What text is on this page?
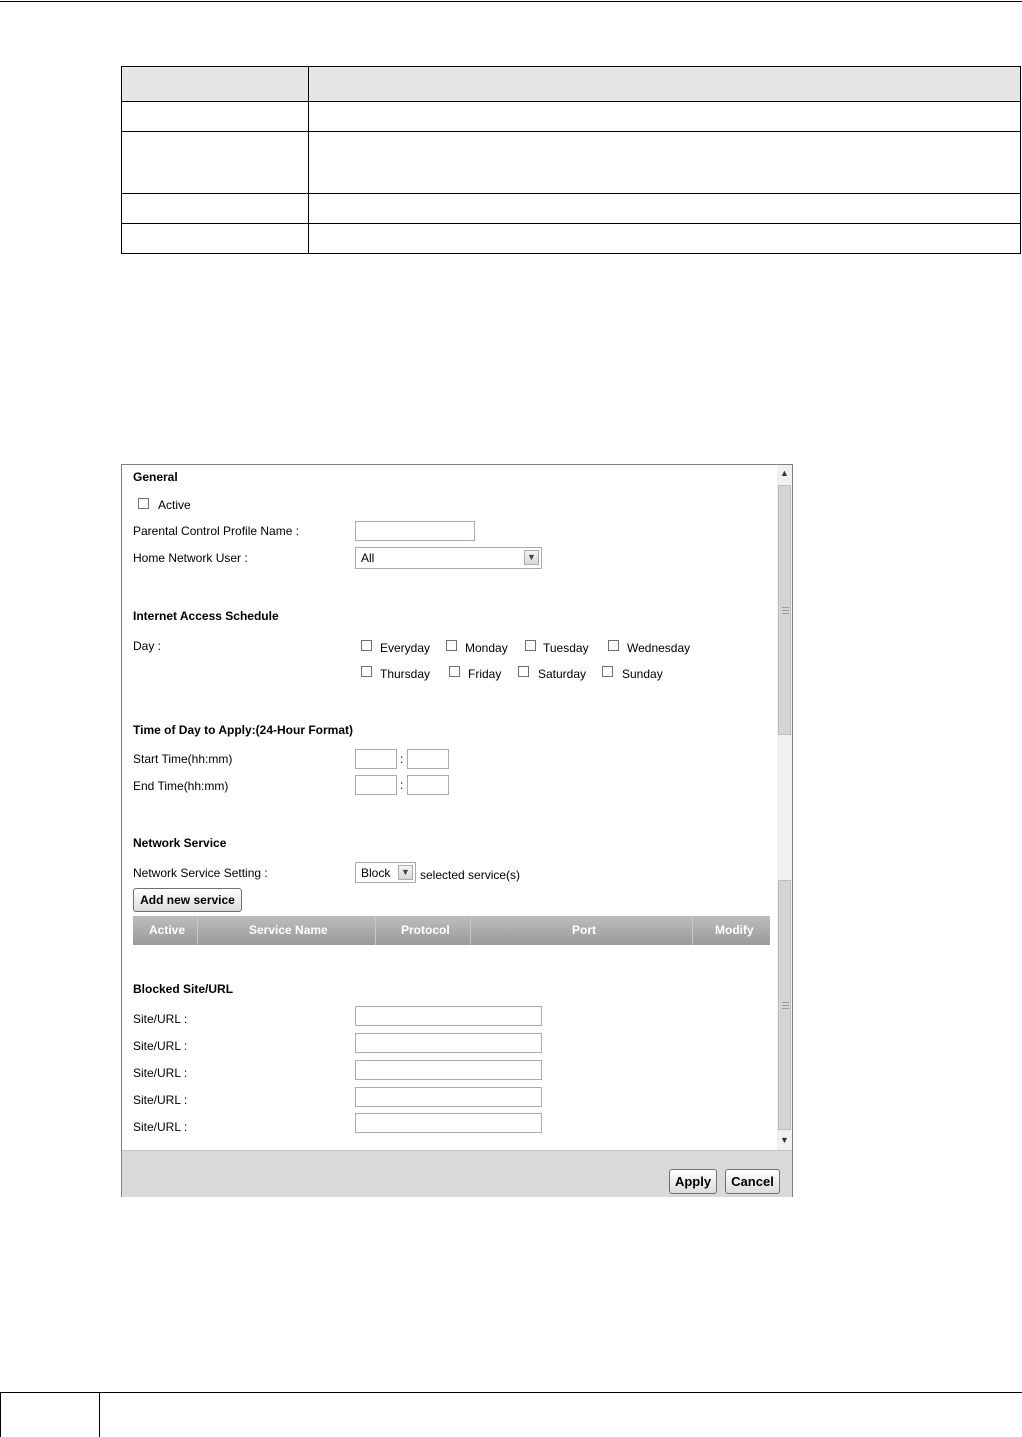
General
Active
Parental Control Profile Name :
Home Network User :	All	▼
Internet Access Schedule
Day :	Everyday	Monday	Tuesday	Wednesday
Thursday	Friday	Saturday	Sunday
Time of Day to Apply:(24-Hour Format)
Start Time(hh:mm)	:
End Time(hh:mm)	:
Network Service
Network Service Setting :	Block	▼ selected service(s)
Add new service
Active	Service Name	Protocol	Port	Modify
Blocked Site/URL
Site/URL :
Site/URL :
Site/URL :
Site/URL :
Site/URL :
▲
▼
Apply	Cancel
